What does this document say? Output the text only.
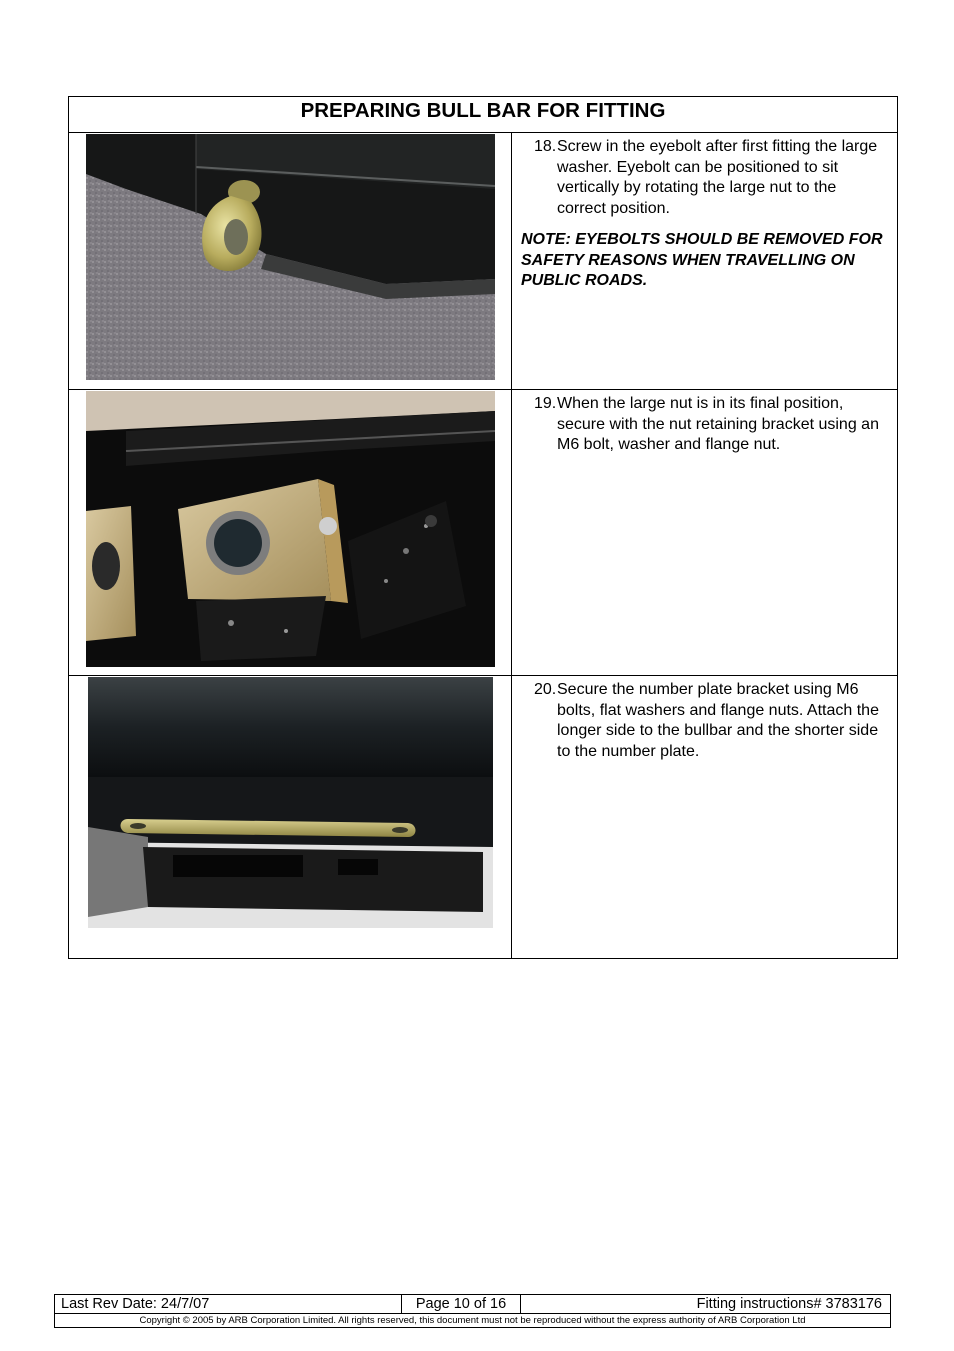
PREPARING BULL BAR FOR FITTING

18. Screw in the eyebolt after first fitting the large washer. Eyebolt can be positioned to sit vertically by rotating the large nut to the correct position.

NOTE: EYEBOLTS SHOULD BE REMOVED FOR SAFETY REASONS WHEN TRAVELLING ON PUBLIC ROADS.

19. When the large nut is in its final position, secure with the nut retaining bracket using an M6 bolt, washer and flange nut.

20. Secure the number plate bracket using M6 bolts, flat washers and flange nuts. Attach the longer side to the bullbar and the shorter side to the number plate.

Last Rev Date: 24/7/07	Page 10 of 16	Fitting instructions# 3783176
Copyright © 2005 by ARB Corporation Limited. All rights reserved, this document must not be reproduced without the express authority of ARB Corporation Ltd
